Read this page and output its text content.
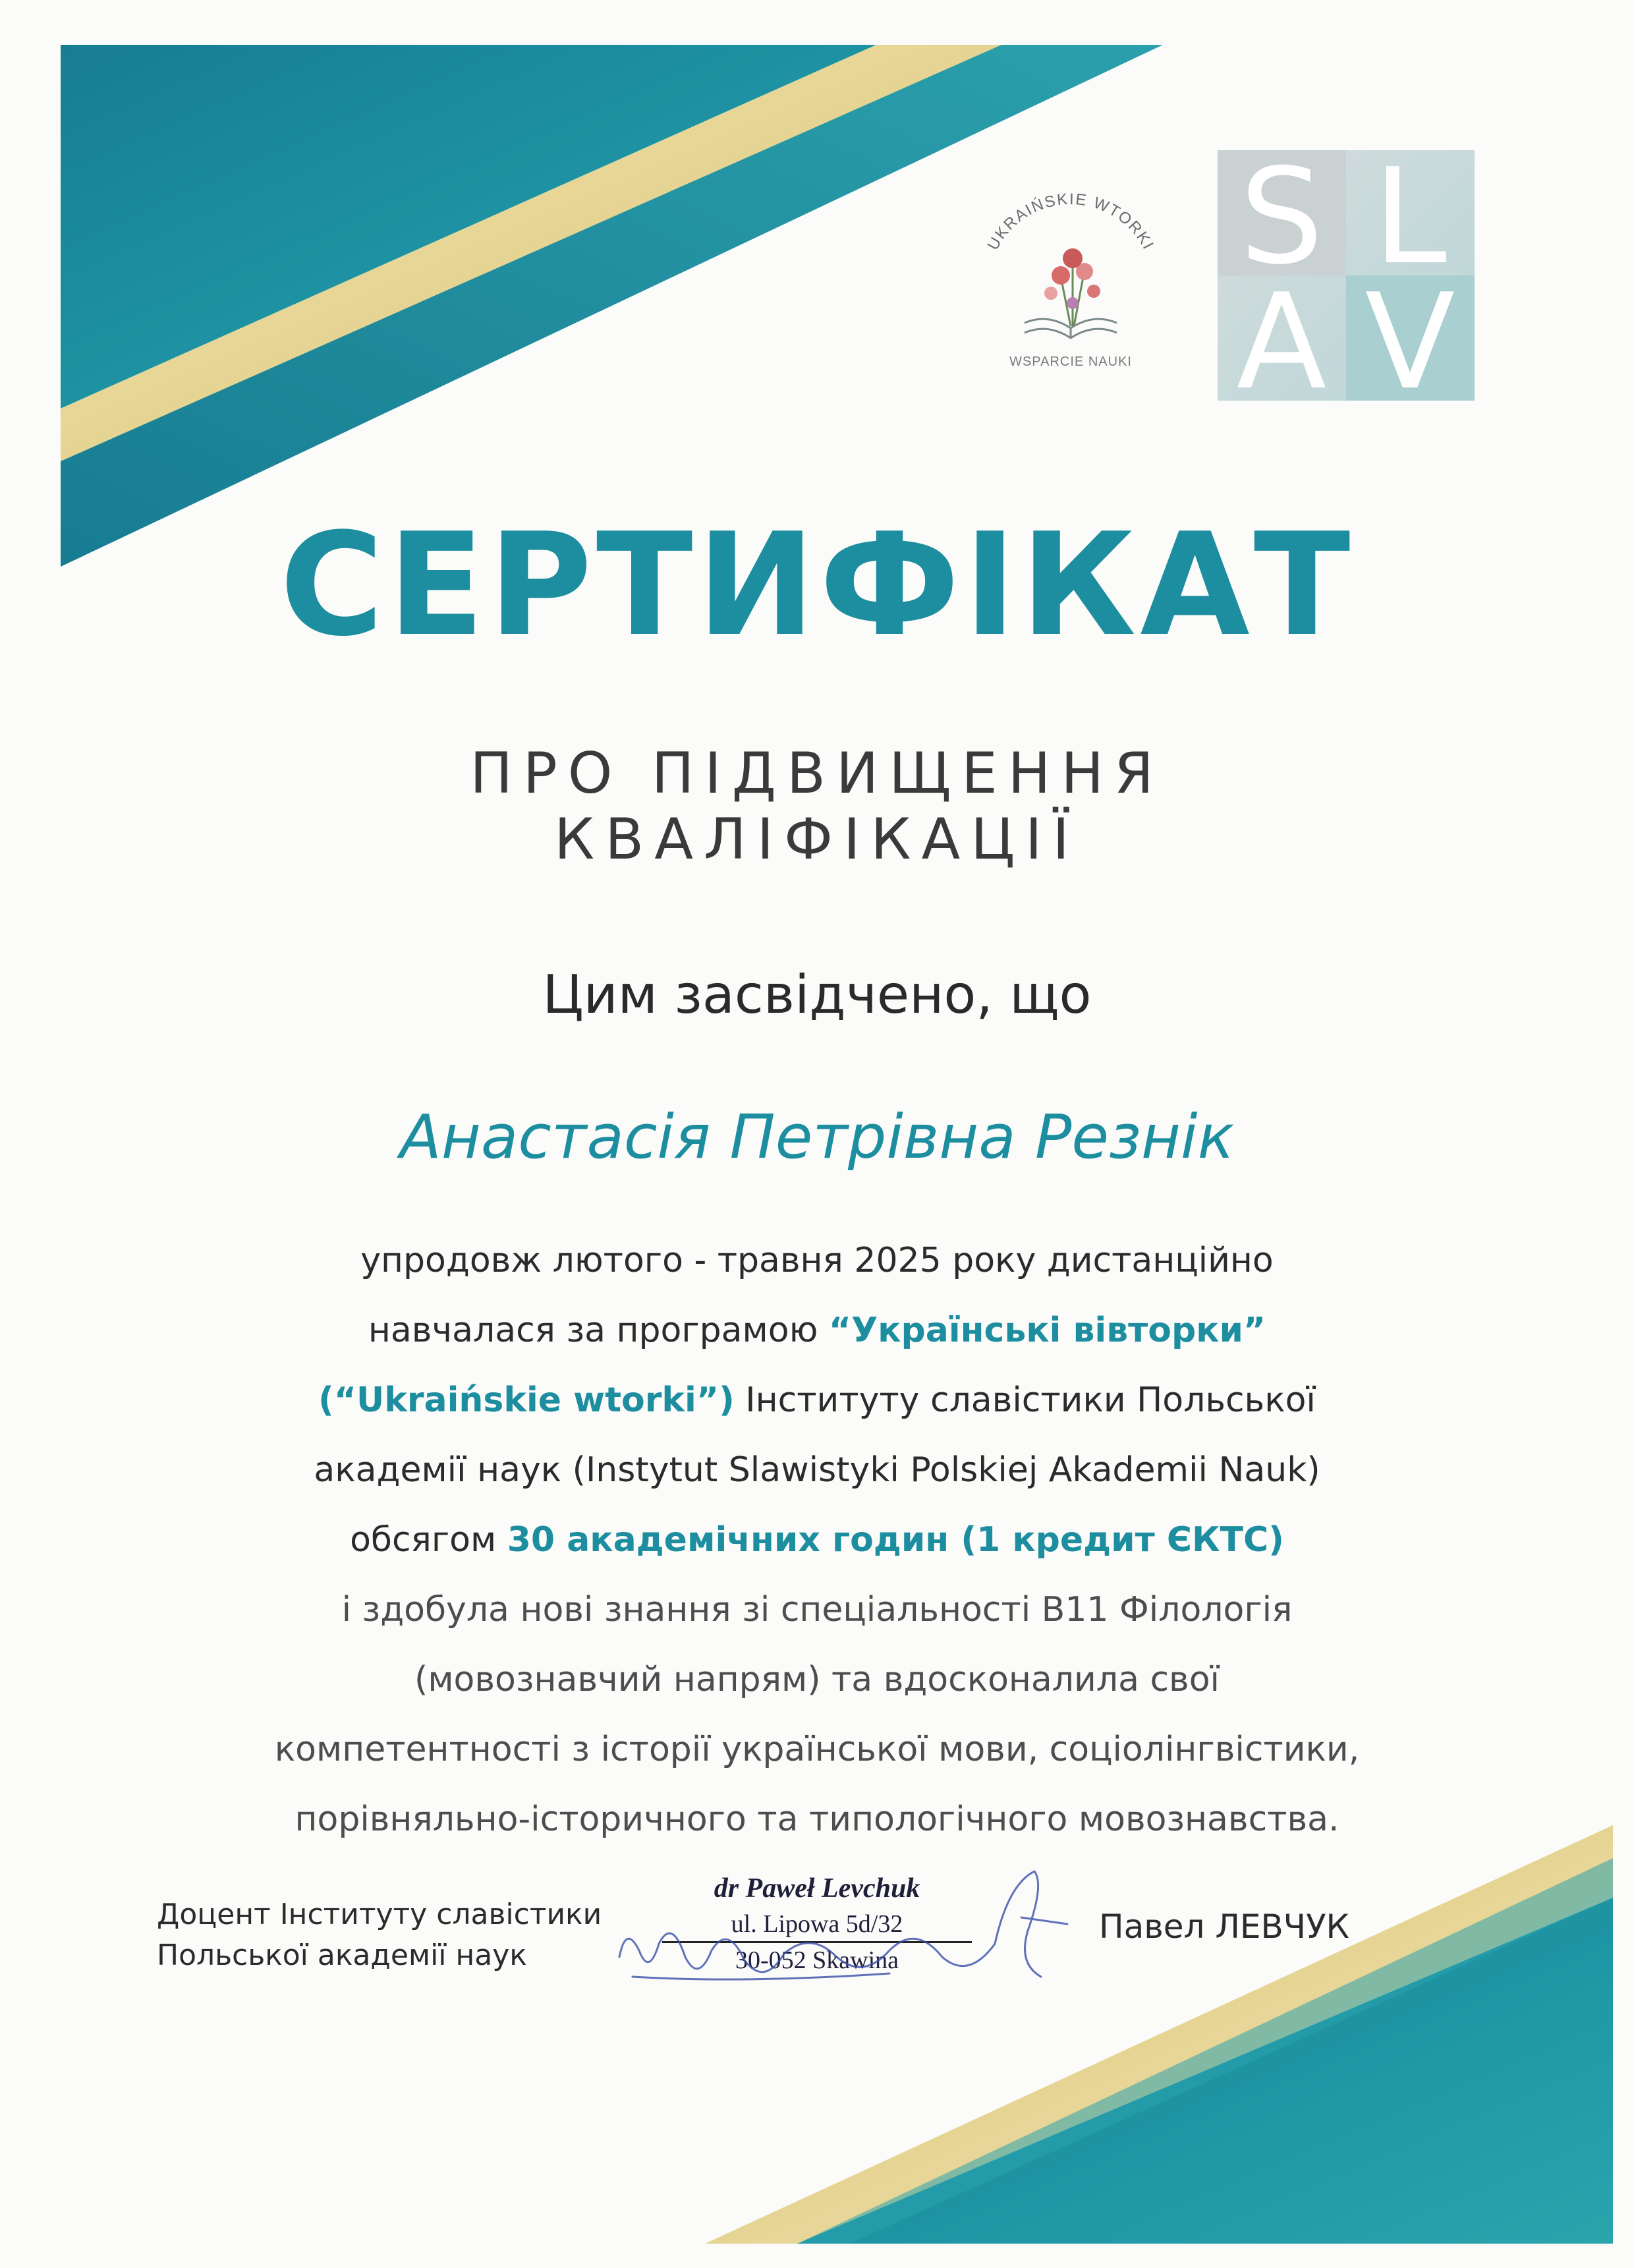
UKRAIŃSKIE WTORKI
WSPARCIE NAUKI
S L
A V
СЕРТИФІКАТ
ПРО ПІДВИЩЕННЯ
КВАЛІФІКАЦІЇ
Цим засвідчено, що
Анастасія Петрівна Резнік
упродовж лютого - травня 2025 року дистанційно
навчалася за програмою “Українські вівторки”
(“Ukraińskie wtorki”) Інституту славістики Польської
академії наук (Instytut Slawistyki Polskiej Akademii Nauk)
обсягом 30 академічних годин (1 кредит ЄКТС)
і здобула нові знання зі спеціальності В11 Філологія
(мовознавчий напрям) та вдосконалила свої
компетентності з історії української мови, соціолінгвістики,
порівняльно-історичного та типологічного мовознавства.
Доцент Інституту славістики
Польської академії наук
dr Paweł Levchuk
ul. Lipowa 5d/32
30-052 Skawina
Павел ЛЕВЧУК
